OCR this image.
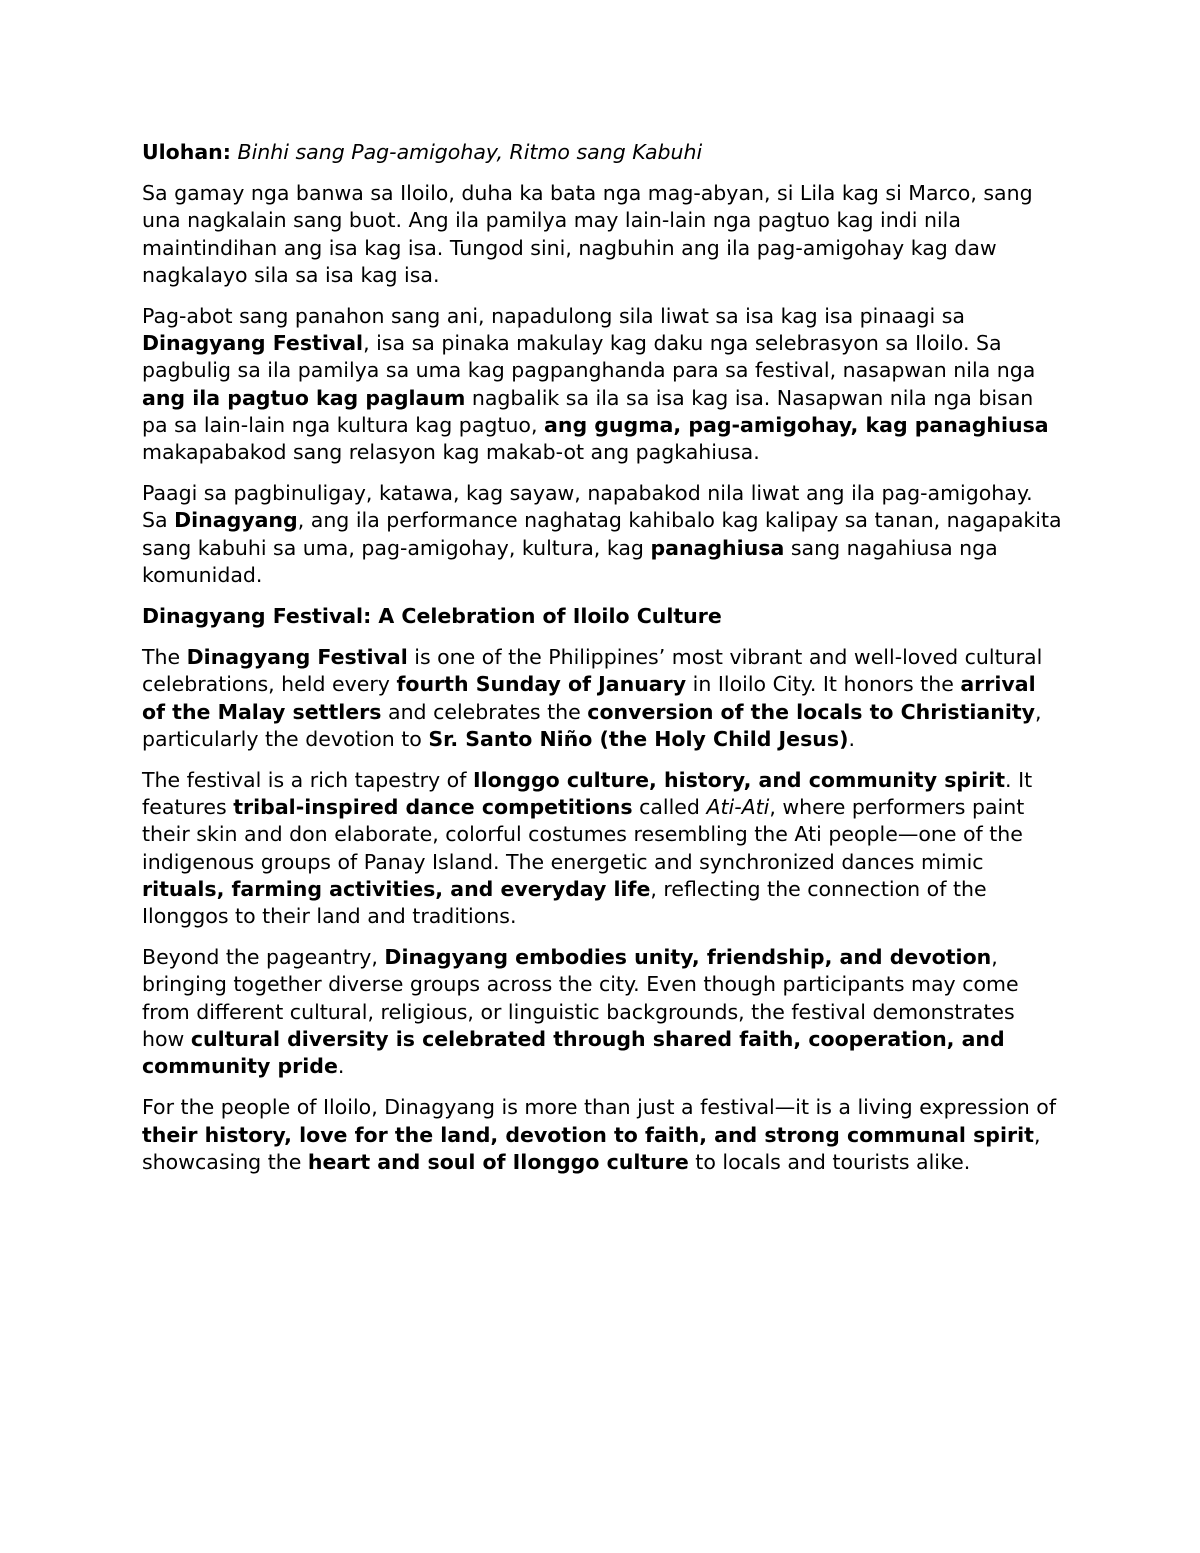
Ulohan: Binhi sang Pag-amigohay, Ritmo sang Kabuhi

Sa gamay nga banwa sa Iloilo, duha ka bata nga mag-abyan, si Lila kag si Marco, sang una nagkalain sang buot. Ang ila pamilya may lain-lain nga pagtuo kag indi nila maintindihan ang isa kag isa. Tungod sini, nagbuhin ang ila pag-amigohay kag daw nagkalayo sila sa isa kag isa.

Pag-abot sang panahon sang ani, napadulong sila liwat sa isa kag isa pinaagi sa Dinagyang Festival, isa sa pinaka makulay kag daku nga selebrasyon sa Iloilo. Sa pagbulig sa ila pamilya sa uma kag pagpanghanda para sa festival, nasapwan nila nga ang ila pagtuo kag paglaum nagbalik sa ila sa isa kag isa. Nasapwan nila nga bisan pa sa lain-lain nga kultura kag pagtuo, ang gugma, pag-amigohay, kag panaghiusa makapabakod sang relasyon kag makab-ot ang pagkahiusa.

Paagi sa pagbinuligay, katawa, kag sayaw, napabakod nila liwat ang ila pag-amigohay. Sa Dinagyang, ang ila performance naghatag kahibalo kag kalipay sa tanan, nagapakita sang kabuhi sa uma, pag-amigohay, kultura, kag panaghiusa sang nagahiusa nga komunidad.

Dinagyang Festival: A Celebration of Iloilo Culture

The Dinagyang Festival is one of the Philippines’ most vibrant and well-loved cultural celebrations, held every fourth Sunday of January in Iloilo City. It honors the arrival of the Malay settlers and celebrates the conversion of the locals to Christianity, particularly the devotion to Sr. Santo Niño (the Holy Child Jesus).

The festival is a rich tapestry of Ilonggo culture, history, and community spirit. It features tribal-inspired dance competitions called Ati-Ati, where performers paint their skin and don elaborate, colorful costumes resembling the Ati people—one of the indigenous groups of Panay Island. The energetic and synchronized dances mimic rituals, farming activities, and everyday life, reflecting the connection of the Ilonggos to their land and traditions.

Beyond the pageantry, Dinagyang embodies unity, friendship, and devotion, bringing together diverse groups across the city. Even though participants may come from different cultural, religious, or linguistic backgrounds, the festival demonstrates how cultural diversity is celebrated through shared faith, cooperation, and community pride.

For the people of Iloilo, Dinagyang is more than just a festival—it is a living expression of their history, love for the land, devotion to faith, and strong communal spirit, showcasing the heart and soul of Ilonggo culture to locals and tourists alike.
